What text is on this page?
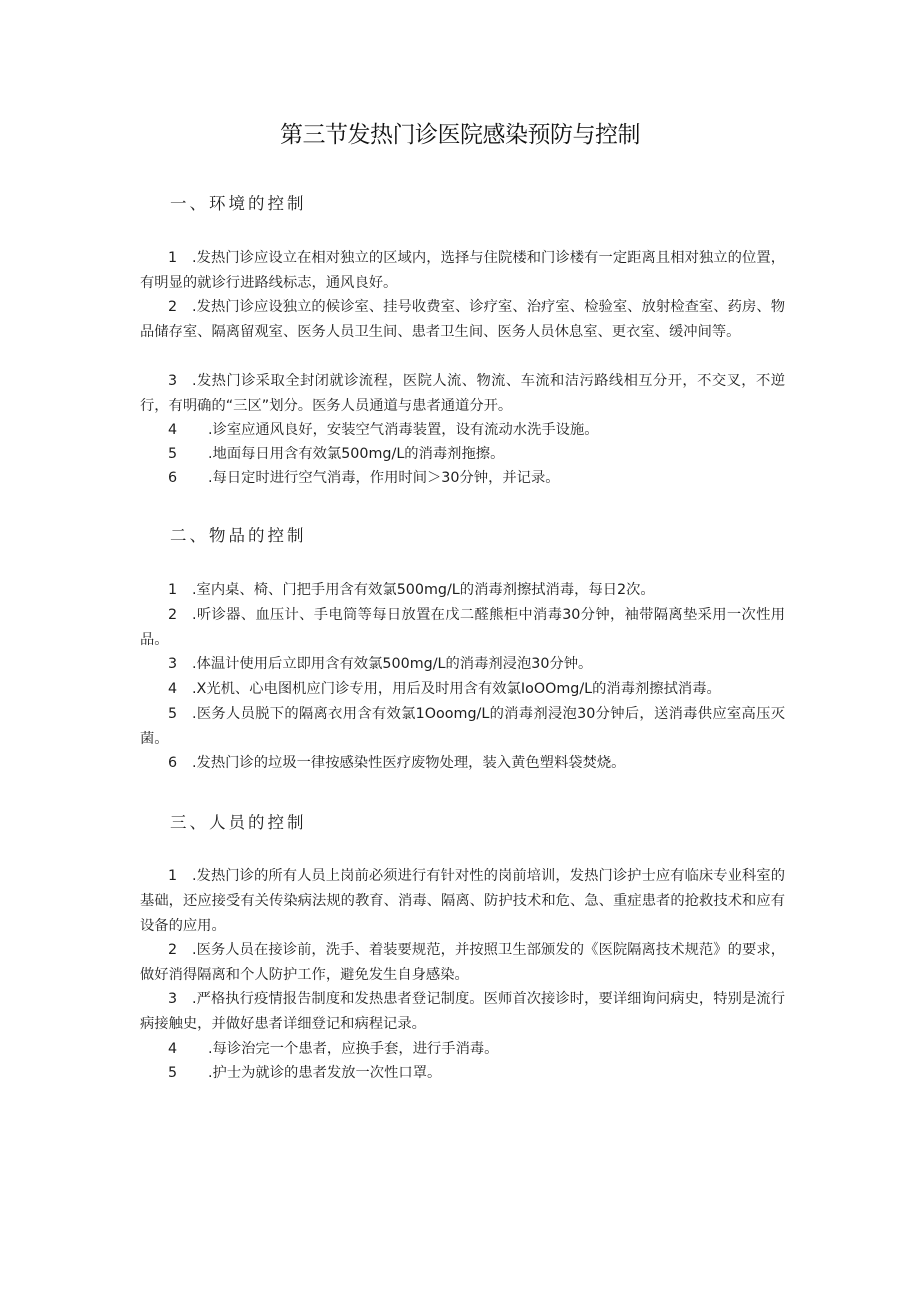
第三节发热门诊医院感染预防与控制
一、环境的控制
1 .发热门诊应设立在相对独立的区域内，选择与住院楼和门诊楼有一定距离且相对独立的位置，有明显的就诊行进路线标志，通风良好。
2 .发热门诊应设独立的候诊室、挂号收费室、诊疗室、治疗室、检验室、放射检查室、药房、物品储存室、隔离留观室、医务人员卫生间、患者卫生间、医务人员休息室、更衣室、缓冲间等。
3 .发热门诊采取全封闭就诊流程，医院人流、物流、车流和洁污路线相互分开，不交叉，不逆行，有明确的“三区”划分。医务人员通道与患者通道分开。
4 .诊室应通风良好，安装空气消毒装置，设有流动水洗手设施。
5 .地面每日用含有效氯500mg∕L的消毒剂拖擦。
6 .每日定时进行空气消毒，作用时间＞30分钟，并记录。
二、物品的控制
1 .室内桌、椅、门把手用含有效氯500mg∕L的消毒剂擦拭消毒，每日2次。
2 .听诊器、血压计、手电筒等每日放置在戊二醛熊柜中消毒30分钟，袖带隔离垫采用一次性用品。
3 .体温计使用后立即用含有效氯500mg∕L的消毒剂浸泡30分钟。
4 .X光机、心电图机应门诊专用，用后及时用含有效氯IoOOmg/L的消毒剂擦拭消毒。
5 .医务人员脱下的隔离衣用含有效氯1Ooomg/L的消毒剂浸泡30分钟后，送消毒供应室高压灭菌。
6 .发热门诊的垃圾一律按感染性医疗废物处理，装入黄色塑料袋焚烧。
三、人员的控制
1 .发热门诊的所有人员上岗前必须进行有针对性的岗前培训，发热门诊护士应有临床专业科室的基础，还应接受有关传染病法规的教育、消毒、隔离、防护技术和危、急、重症患者的抢救技术和应有设备的应用。
2 .医务人员在接诊前，洗手、着装要规范，并按照卫生部颁发的《医院隔离技术规范》的要求，做好消得隔离和个人防护工作，避免发生自身感染。
3 .严格执行疫情报告制度和发热患者登记制度。医师首次接诊时，要详细询问病史，特别是流行病接触史，并做好患者详细登记和病程记录。
4 .每诊治完一个患者，应换手套，进行手消毒。
5 .护士为就诊的患者发放一次性口罩。
